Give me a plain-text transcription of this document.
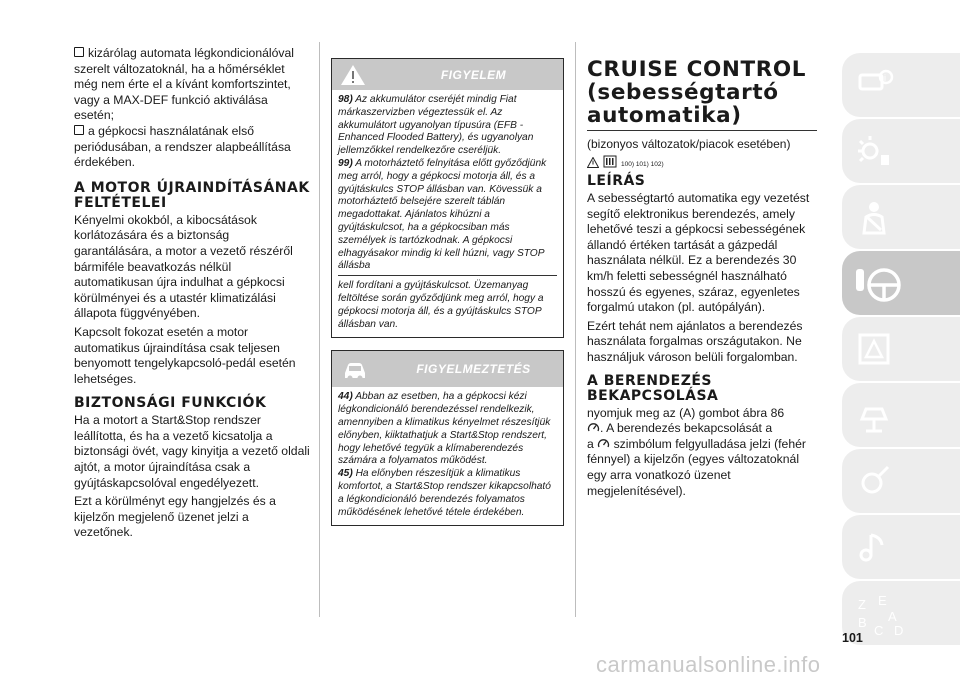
kizárólag automata légkondicionálóval szerelt változatoknál, ha a hőmérséklet még nem érte el a kívánt komfortszintet, vagy a MAX-DEF funkció aktiválása esetén;

a gépkocsi használatának első periódusában, a rendszer alapbeállítása érdekében.

A MOTOR ÚJRAINDÍTÁSÁNAK FELTÉTELEI

Kényelmi okokból, a kibocsátások korlátozására és a biztonság garantálására, a motor a vezető részéről bármiféle beavatkozás nélkül automatikusan újra indulhat a gépkocsi körülményei és a utastér klimatizálási állapota függvényében.

Kapcsolt fokozat esetén a motor automatikus újraindítása csak teljesen benyomott tengelykapcsoló-pedál esetén lehetséges.

BIZTONSÁGI FUNKCIÓK

Ha a motort a Start&Stop rendszer leállította, és ha a vezető kicsatolja a biztonsági övét, vagy kinyitja a vezető oldali ajtót, a motor újraindítása csak a gyújtáskapcsolóval engedélyezett.

Ezt a körülményt egy hangjelzés és a kijelzőn megjelenő üzenet jelzi a vezetőnek.

FIGYELEM

98) Az akkumulátor cseréjét mindig Fiat márkaszervizben végeztessük el. Az akkumulátort ugyanolyan típusúra (EFB - Enhanced Flooded Battery), és ugyanolyan jellemzőkkel rendelkezőre cseréljük.

99) A motorháztető felnyitása előtt győződjünk meg arról, hogy a gépkocsi motorja áll, és a gyújtáskulcs STOP állásban van. Kövessük a motorháztető belsejére szerelt táblán megadottakat. Ajánlatos kihúzni a gyújtáskulcsot, ha a gépkocsiban más személyek is tartózkodnak. A gépkocsi elhagyásakor mindig ki kell húzni, vagy STOP állásba

kell fordítani a gyújtáskulcsot. Üzemanyag feltöltése során győződjünk meg arról, hogy a gépkocsi motorja áll, és a gyújtáskulcs STOP állásban van.

FIGYELMEZTETÉS

44) Abban az esetben, ha a gépkocsi kézi légkondicionáló berendezéssel rendelkezik, amennyiben a klimatikus kényelmet részesítjük előnyben, kiiktathatjuk a Start&Stop rendszert, hogy lehetővé tegyük a klímaberendezés számára a folyamatos működést.

45) Ha előnyben részesítjük a klimatikus komfortot, a Start&Stop rendszer kikapcsolható a légkondicionáló berendezés folyamatos működésének lehetővé tétele érdekében.

CRUISE CONTROL
(sebességtartó
automatika)

(bizonyos változatok/piacok esetében)

100) 101) 102)
LEÍRÁS

A sebességtartó automatika egy vezetést segítő elektronikus berendezés, amely lehetővé teszi a gépkocsi sebességének állandó értéken tartását a gázpedál használata nélkül. Ez a berendezés 30 km/h feletti sebességnél használható hosszú és egyenes, száraz, egyenletes forgalmú utakon (pl. autópályán).

Ezért tehát nem ajánlatos a berendezés használata forgalmas országutakon. Ne használjuk városon belüli forgalomban.

A BERENDEZÉS BEKAPCSOLÁSA

nyomjuk meg az (A) gombot ábra 86
. A berendezés bekapcsolását a
a  szimbólum felgyulladása jelzi (fehér fénnyel) a kijelzőn (egyes változatoknál egy arra vonatkozó üzenet megjelenítésével).

i
Z E
B A
C D
101
carmanualsonline.info
